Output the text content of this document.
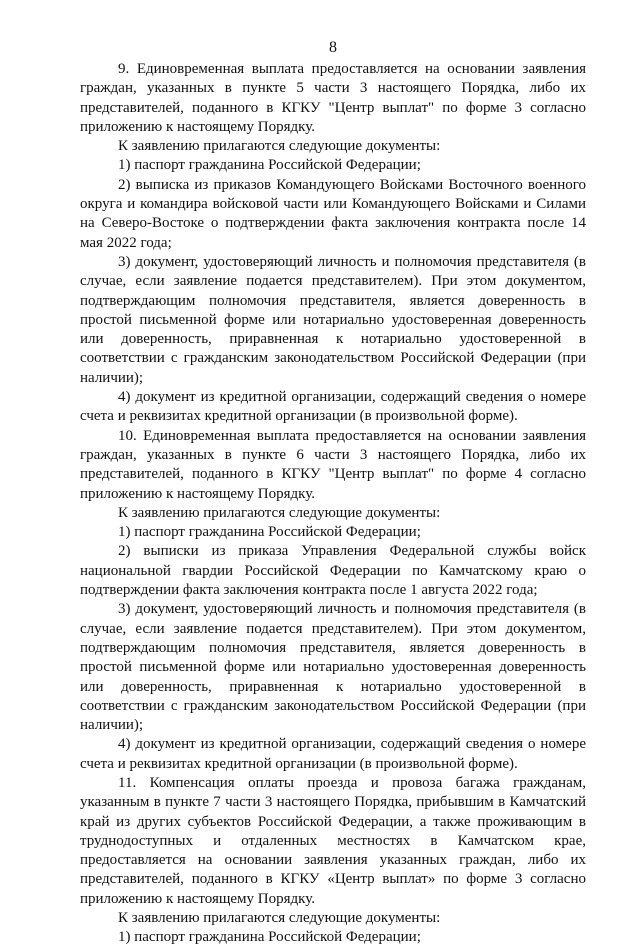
8

9. Единовременная выплата предоставляется на основании заявления граждан, указанных в пункте 5 части 3 настоящего Порядка, либо их представителей, поданного в КГКУ "Центр выплат" по форме 3 согласно приложению к настоящему Порядку.

К заявлению прилагаются следующие документы:

1) паспорт гражданина Российской Федерации;

2) выписка из приказов Командующего Войсками Восточного военного округа и командира войсковой части или Командующего Войсками и Силами на Северо-Востоке о подтверждении факта заключения контракта после 14 мая 2022 года;

3) документ, удостоверяющий личность и полномочия представителя (в случае, если заявление подается представителем). При этом документом, подтверждающим полномочия представителя, является доверенность в простой письменной форме или нотариально удостоверенная доверенность или доверенность, приравненная к нотариально удостоверенной в соответствии с гражданским законодательством Российской Федерации (при наличии);

4) документ из кредитной организации, содержащий сведения о номере счета и реквизитах кредитной организации (в произвольной форме).

10. Единовременная выплата предоставляется на основании заявления граждан, указанных в пункте 6 части 3 настоящего Порядка, либо их представителей, поданного в КГКУ "Центр выплат" по форме 4 согласно приложению к настоящему Порядку.

К заявлению прилагаются следующие документы:

1) паспорт гражданина Российской Федерации;

2) выписки из приказа Управления Федеральной службы войск национальной гвардии Российской Федерации по Камчатскому краю о подтверждении факта заключения контракта после 1 августа 2022 года;

3) документ, удостоверяющий личность и полномочия представителя (в случае, если заявление подается представителем). При этом документом, подтверждающим полномочия представителя, является доверенность в простой письменной форме или нотариально удостоверенная доверенность или доверенность, приравненная к нотариально удостоверенной в соответствии с гражданским законодательством Российской Федерации (при наличии);

4) документ из кредитной организации, содержащий сведения о номере счета и реквизитах кредитной организации (в произвольной форме).

11. Компенсация оплаты проезда и провоза багажа гражданам, указанным в пункте 7 части 3 настоящего Порядка, прибывшим в Камчатский край из других субъектов Российской Федерации, а также проживающим в труднодоступных и отдаленных местностях в Камчатском крае, предоставляется на основании заявления указанных граждан, либо их представителей, поданного в КГКУ «Центр выплат» по форме 3 согласно приложению к настоящему Порядку.

К заявлению прилагаются следующие документы:

1) паспорт гражданина Российской Федерации;
